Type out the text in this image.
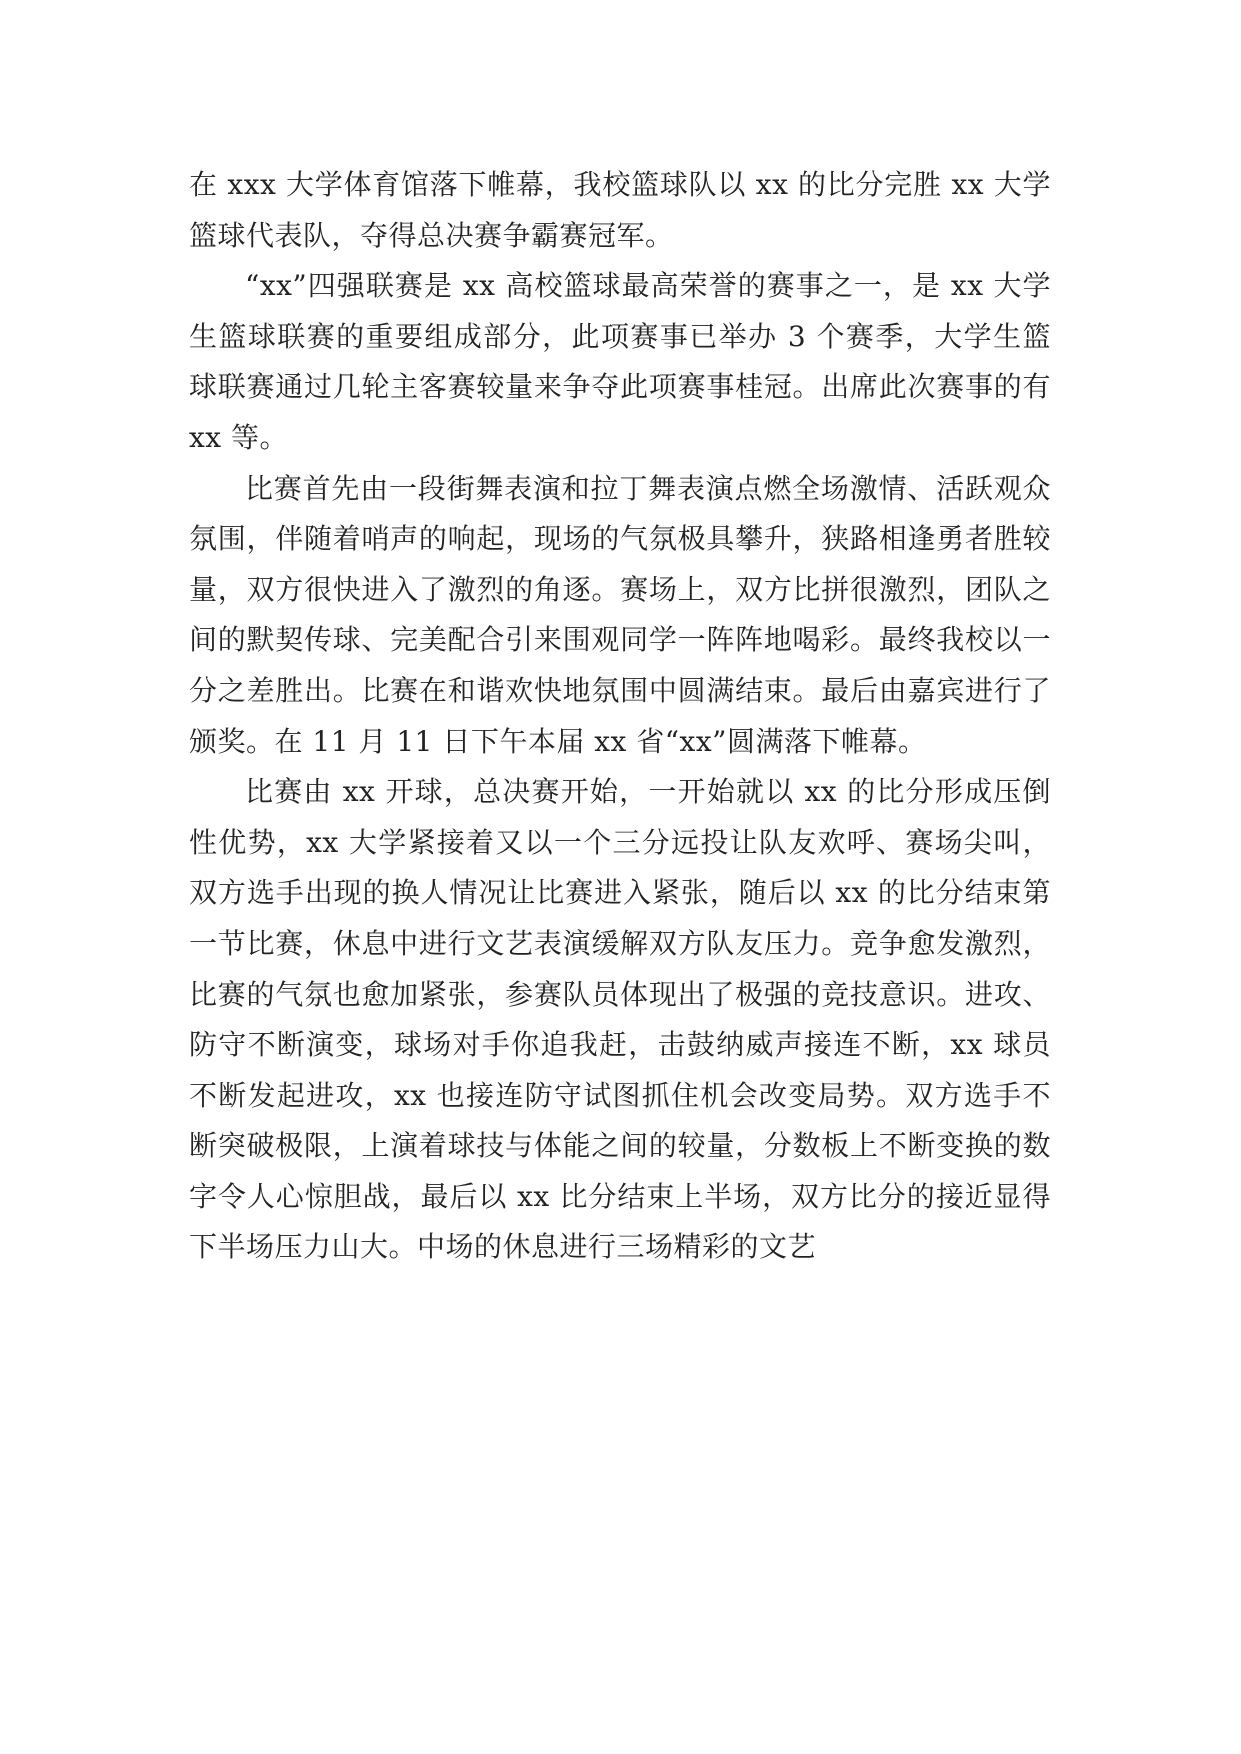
在 xxx 大学体育馆落下帷幕，我校篮球队以 xx 的比分完胜 xx 大学篮球代表队，夺得总决赛争霸赛冠军。

“xx”四强联赛是 xx 高校篮球最高荣誉的赛事之一，是 xx 大学生篮球联赛的重要组成部分，此项赛事已举办 3 个赛季，大学生篮球联赛通过几轮主客赛较量来争夺此项赛事桂冠。出席此次赛事的有 xx 等。

比赛首先由一段街舞表演和拉丁舞表演点燃全场激情、活跃观众氛围，伴随着哨声的响起，现场的气氛极具攀升，狭路相逢勇者胜较量，双方很快进入了激烈的角逐。赛场上，双方比拼很激烈，团队之间的默契传球、完美配合引来围观同学一阵阵地喝彩。最终我校以一分之差胜出。比赛在和谐欢快地氛围中圆满结束。最后由嘉宾进行了颁奖。在 11 月 11 日下午本届 xx 省“xx”圆满落下帷幕。

比赛由 xx 开球，总决赛开始，一开始就以 xx 的比分形成压倒性优势，xx 大学紧接着又以一个三分远投让队友欢呼、赛场尖叫，双方选手出现的换人情况让比赛进入紧张，随后以 xx 的比分结束第一节比赛，休息中进行文艺表演缓解双方队友压力。竞争愈发激烈，比赛的气氛也愈加紧张，参赛队员体现出了极强的竞技意识。进攻、防守不断演变，球场对手你追我赶，击鼓纳威声接连不断，xx 球员不断发起进攻，xx 也接连防守试图抓住机会改变局势。双方选手不断突破极限，上演着球技与体能之间的较量，分数板上不断变换的数字令人心惊胆战，最后以 xx 比分结束上半场，双方比分的接近显得下半场压力山大。中场的休息进行三场精彩的文艺
